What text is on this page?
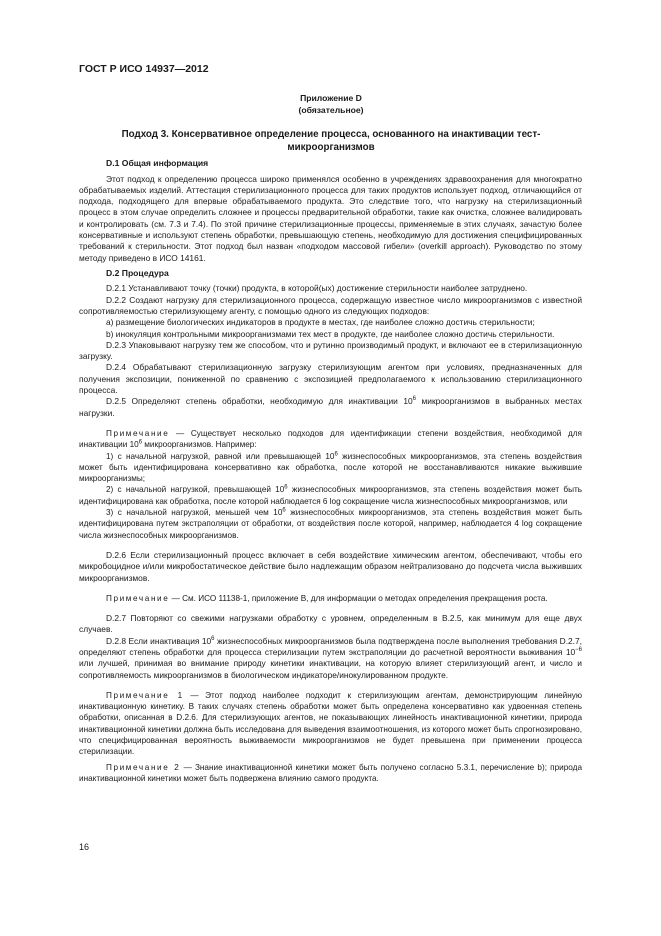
ГОСТ Р ИСО 14937—2012
Приложение D
(обязательное)
Подход 3. Консервативное определение процесса, основанного на инактивации тест-микроорганизмов

D.1 Общая информация

Этот подход к определению процесса широко применялся особенно в учреждениях здравоохранения для многократно обрабатываемых изделий. Аттестация стерилизационного процесса для таких продуктов использует подход, отличающийся от подхода, подходящего для впервые обрабатываемого продукта. Это следствие того, что нагрузку на стерилизационный процесс в этом случае определить сложнее и процессы предварительной обработки, такие как очистка, сложнее валидировать и контролировать (см. 7.3 и 7.4). По этой причине стерилизационные процессы, применяемые в этих случаях, зачастую более консервативные и используют степень обработки, превышающую степень, необходимую для достижения специфицированных требований к стерильности. Этот подход был назван «подходом массовой гибели» (overkill approach). Руководство по этому методу приведено в ИСО 14161.

D.2 Процедура

D.2.1 Устанавливают точку (точки) продукта, в которой(ых) достижение стерильности наиболее затруднено.

D.2.2 Создают нагрузку для стерилизационного процесса, содержащую известное число микроорганизмов с известной сопротивляемостью стерилизующему агенту, с помощью одного из следующих подходов:

a) размещение биологических индикаторов в продукте в местах, где наиболее сложно достичь стерильности;

b) инокуляция контрольными микроорганизмами тех мест в продукте, где наиболее сложно достичь стерильности.

D.2.3 Упаковывают нагрузку тем же способом, что и рутинно производимый продукт, и включают ее в стерилизационную загрузку.

D.2.4 Обрабатывают стерилизационную загрузку стерилизующим агентом при условиях, предназначенных для получения экспозиции, пониженной по сравнению с экспозицией предполагаемого к использованию стерилизационного процесса.

D.2.5 Определяют степень обработки, необходимую для инактивации $10^6$ микроорганизмов в выбранных местах нагрузки.

Примечание — Существует несколько подходов для идентификации степени воздействия, необходимой для инактивации $10^6$ микроорганизмов. Например:

1) с начальной нагрузкой, равной или превышающей $10^6$ жизнеспособных микроорганизмов, эта степень воздействия может быть идентифицирована консервативно как обработка, после которой не восстанавливаются никакие выжившие микроорганизмы;

2) с начальной нагрузкой, превышающей $10^6$ жизнеспособных микроорганизмов, эта степень воздействия может быть идентифицирована как обработка, после которой наблюдается 6 log сокращение числа жизнеспособных микроорганизмов, или

3) с начальной нагрузкой, меньшей чем $10^6$ жизнеспособных микроорганизмов, эта степень воздействия может быть идентифицирована путем экстраполяции от обработки, от воздействия после которой, например, наблюдается 4 log сокращение числа жизнеспособных микроорганизмов.

D.2.6 Если стерилизационный процесс включает в себя воздействие химическим агентом, обеспечивают, чтобы его микробоцидное и/или микробостатическое действие было надлежащим образом нейтрализовано до подсчета числа выживших микроорганизмов.

Примечание — См. ИСО 11138-1, приложение В, для информации о методах определения прекращения роста.

D.2.7 Повторяют со свежими нагрузками обработку с уровнем, определенным в В.2.5, как минимум для еще двух случаев.

D.2.8 Если инактивация $10^6$ жизнеспособных микроорганизмов была подтверждена после выполнения требования D.2.7, определяют степень обработки для процесса стерилизации путем экстраполяции до расчетной вероятности выживания $10^{-6}$ или лучшей, принимая во внимание природу кинетики инактивации, на которую влияет стерилизующий агент, и число и сопротивляемость микроорганизмов в биологическом индикаторе/инокулированном продукте.

Примечание 1 — Этот подход наиболее подходит к стерилизующим агентам, демонстрирующим линейную инактивационную кинетику. В таких случаях степень обработки может быть определена консервативно как удвоенная степень обработки, описанная в D.2.6. Для стерилизующих агентов, не показывающих линейность инактивационной кинетики, природа инактивационной кинетики должна быть исследована для выведения взаимоотношения, из которого может быть спрогнозировано, что специфицированная вероятность выживаемости микроорганизмов не будет превышена при применении процесса стерилизации.

Примечание 2 — Знание инактивационной кинетики может быть получено согласно 5.3.1, перечисление b); природа инактивационной кинетики может быть подвержена влиянию самого продукта.

16
